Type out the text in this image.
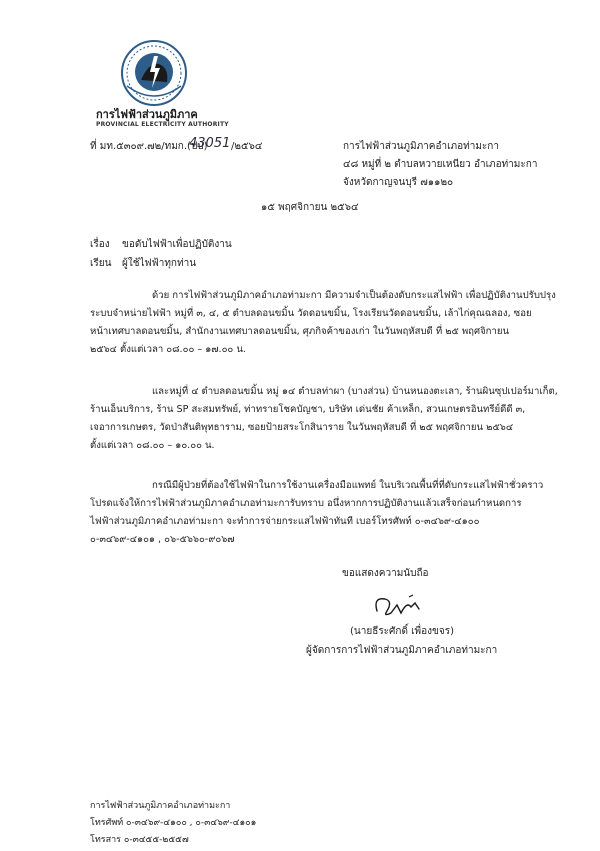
การไฟฟ้าส่วนภูมิภาค
PROVINCIAL ELECTRICITY AUTHORITY
ที่ มท.๕๓๐๙.๗๒/ทมก.(ปบ)
43051 /๒๕๖๔	การไฟฟ้าส่วนภูมิภาคอำเภอท่ามะกา
๔๘ หมู่ที่ ๒ ตำบลหวายเหนียว อำเภอท่ามะกา
จังหวัดกาญจนบุรี ๗๑๑๒๐
๑๕ พฤศจิกายน ๒๕๖๔
เรื่อง ขอดับไฟฟ้าเพื่อปฏิบัติงาน
เรียน ผู้ใช้ไฟฟ้าทุกท่าน
ด้วย การไฟฟ้าส่วนภูมิภาคอำเภอท่ามะกา มีความจำเป็นต้องดับกระแสไฟฟ้า เพื่อปฏิบัติงานปรับปรุง
ระบบจำหน่ายไฟฟ้า หมู่ที่ ๓, ๔, ๕ ตำบลดอนขมิ้น วัดดอนขมิ้น, โรงเรียนวัดดอนขมิ้น, เล้าไก่คุณฉลอง, ซอย
หน้าเทศบาลดอนขมิ้น, สำนักงานเทศบาลดอนขมิ้น, ศุภกิจค้าของเก่า ในวันพฤหัสบดี ที่ ๒๕ พฤศจิกายน
๒๕๖๔ ตั้งแต่เวลา ๐๘.๐๐ – ๑๗.๐๐ น.
และหมู่ที่ ๔ ตำบลดอนขมิ้น หมู่ ๑๔ ตำบลท่าผา (บางส่วน) บ้านหนองตะเลา, ร้านผินซุปเปอร์มาเก็ต,
ร้านเอ็นบริการ, ร้าน SP สะสมทรัพย์, ท่าทรายโชคบัญชา, บริษัท เด่นชัย ค้าเหล็ก, สวนเกษตรอินทรีย์ดีดี ๓,
เจอาการเกษตร, วัดป่าสันติพุทธาราม, ซอยป้ายสระโกสินาราย ในวันพฤหัสบดี ที่ ๒๕ พฤศจิกายน ๒๕๖๔
ตั้งแต่เวลา ๐๘.๐๐ – ๑๐.๐๐ น.
กรณีมีผู้ป่วยที่ต้องใช้ไฟฟ้าในการใช้งานเครื่องมือแพทย์ ในบริเวณพื้นที่ที่ดับกระแสไฟฟ้าชั่วคราว
โปรดแจ้งให้การไฟฟ้าส่วนภูมิภาคอำเภอท่ามะการับทราบ อนึ่งหากการปฏิบัติงานแล้วเสร็จก่อนกำหนดการ
ไฟฟ้าส่วนภูมิภาคอำเภอท่ามะกา จะทำการจ่ายกระแสไฟฟ้าทันที เบอร์โทรศัพท์ ๐-๓๔๖๙-๔๑๐๐
๐-๓๔๖๙-๔๑๐๑ , ๐๖-๕๖๖๐-๙๐๖๗
ขอแสดงความนับถือ
(นายธีระศักดิ์ เพื่องขจร)
ผู้จัดการการไฟฟ้าส่วนภูมิภาคอำเภอท่ามะกา
การไฟฟ้าส่วนภูมิภาคอำเภอท่ามะกา
โทรศัพท์ ๐-๓๔๖๙-๔๑๐๐ , ๐-๓๔๖๙-๔๑๐๑
โทรสาร ๐-๓๔๕๕-๒๕๕๗
